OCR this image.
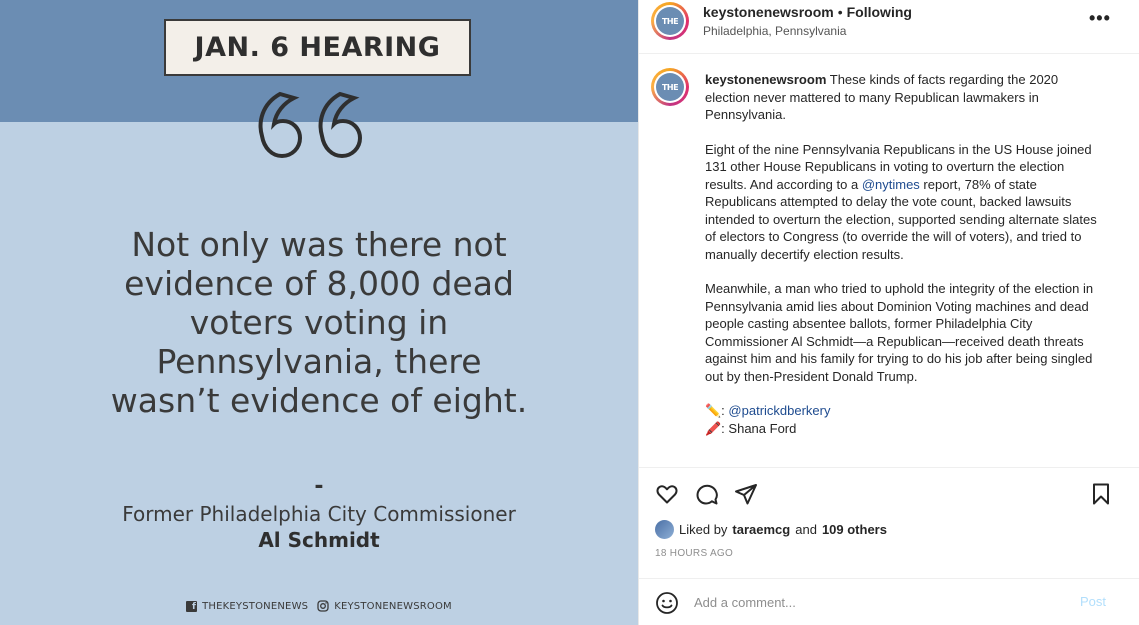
JAN. 6 HEARING
Not only was there not
evidence of 8,000 dead
voters voting in
Pennsylvania, there
wasn’t evidence of eight.
-
Former Philadelphia City Commissioner
Al Schmidt
f THEKEYSTONENEWS	KEYSTONENEWSROOM
THE
keystonenewsroom • Following
Philadelphia, Pennsylvania
•••
THE	keystonenewsroom These kinds of facts regarding the 2020 election never mattered to many Republican lawmakers in Pennsylvania.

Eight of the nine Pennsylvania Republicans in the US House joined 131 other House Republicans in voting to overturn the election results. And according to a @nytimes report, 78% of state Republicans attempted to delay the vote count, backed lawsuits intended to overturn the election, supported sending alternate slates of electors to Congress (to override the will of voters), and tried to manually decertify election results.

Meanwhile, a man who tried to uphold the integrity of the election in Pennsylvania amid lies about Dominion Voting machines and dead people casting absentee ballots, former Philadelphia City Commissioner Al Schmidt—a Republican—received death threats against him and his family for trying to do his job after being singled out by then-President Donald Trump.

✏️: @patrickdberkery
🖍️: Shana Ford
Liked by taraemcg and 109 others
18 HOURS AGO
Add a comment...
Post
